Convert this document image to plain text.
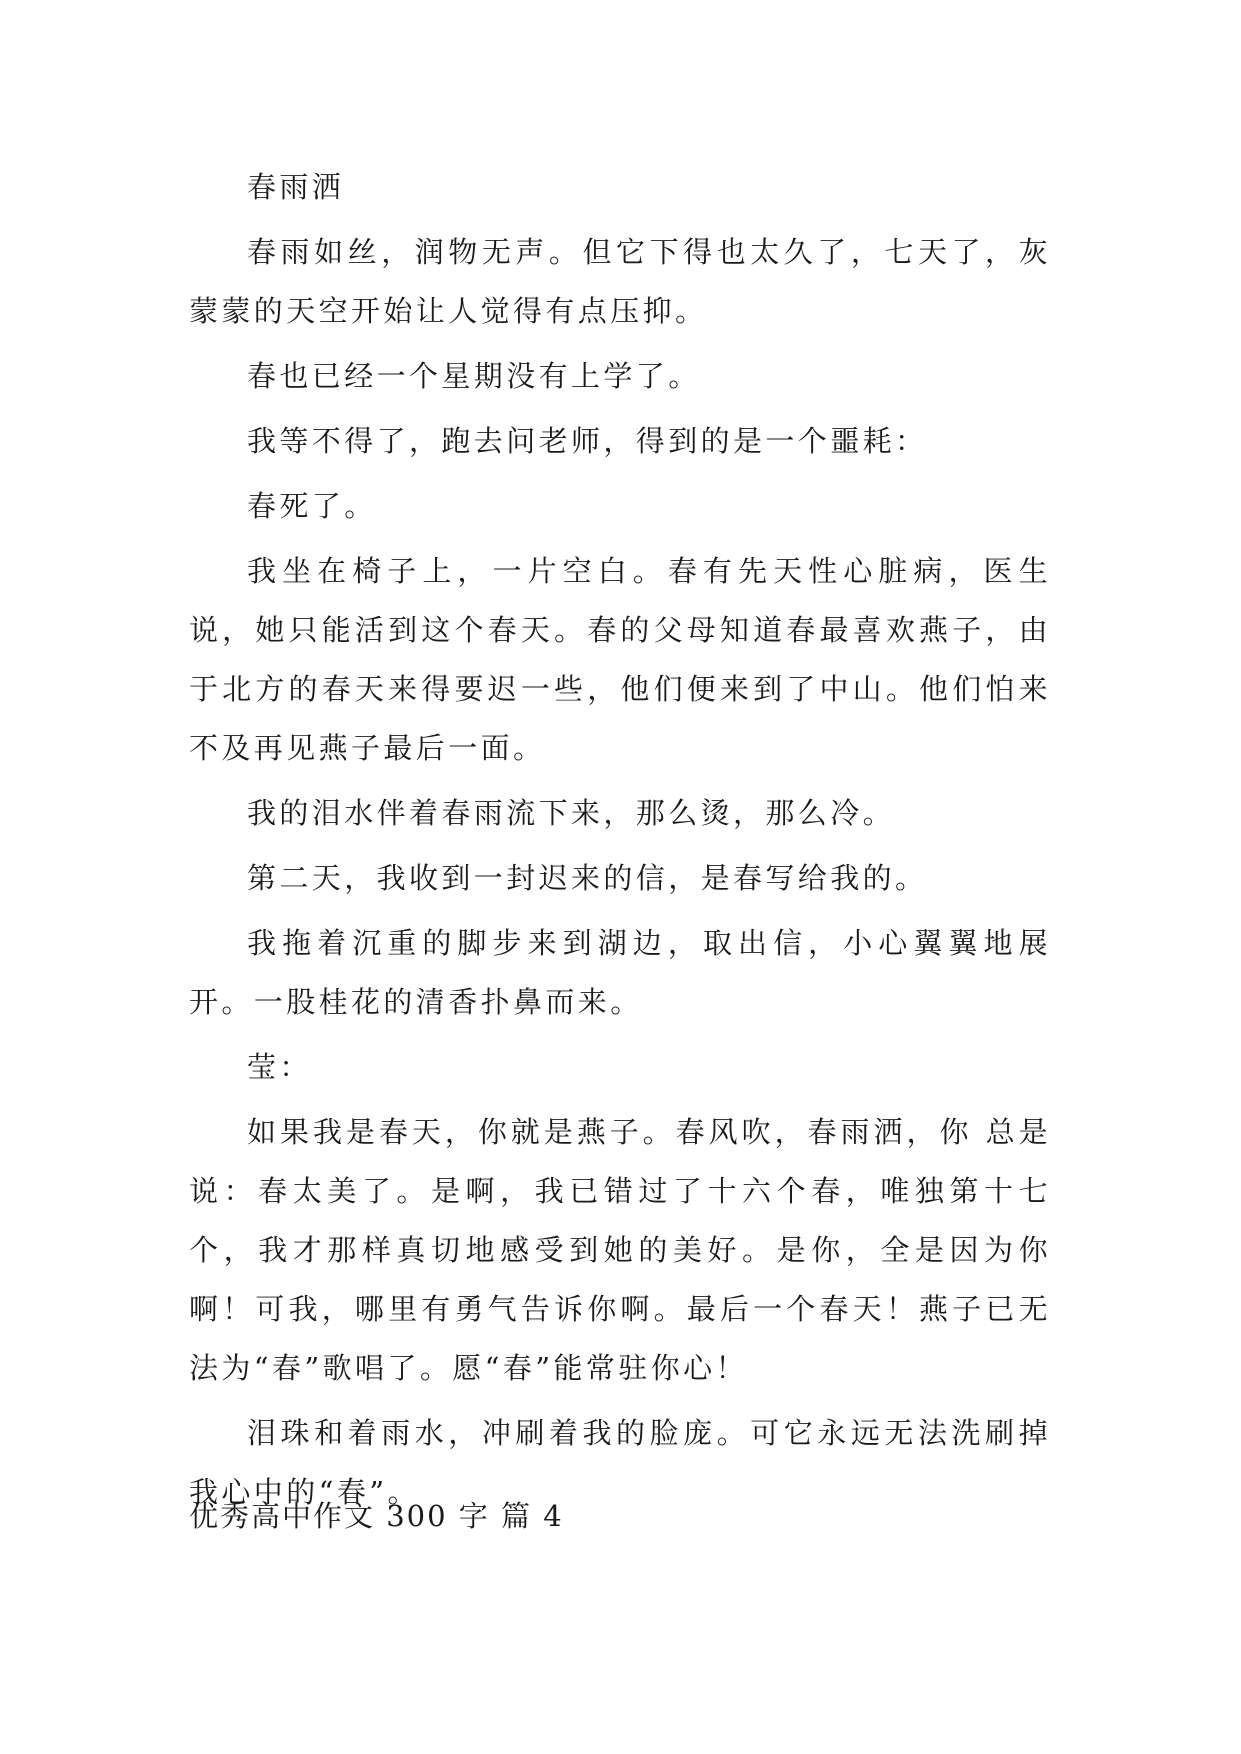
春雨洒

春雨如丝，润物无声。但它下得也太久了，七天了，灰蒙蒙的天空开始让人觉得有点压抑。

春也已经一个星期没有上学了。

我等不得了，跑去问老师，得到的是一个噩耗：

春死了。

我坐在椅子上，一片空白。春有先天性心脏病，医生说，她只能活到这个春天。春的父母知道春最喜欢燕子，由于北方的春天来得要迟一些，他们便来到了中山。他们怕来不及再见燕子最后一面。

我的泪水伴着春雨流下来，那么烫，那么冷。

第二天，我收到一封迟来的信，是春写给我的。

我拖着沉重的脚步来到湖边，取出信，小心翼翼地展开。一股桂花的清香扑鼻而来。

莹：

如果我是春天，你就是燕子。春风吹，春雨洒，你 总是说：春太美了。是啊，我已错过了十六个春，唯独第十七个，我才那样真切地感受到她的美好。是你，全是因为你啊！可我，哪里有勇气告诉你啊。最后一个春天！燕子已无法为“春”歌唱了。愿“春”能常驻你心！

泪珠和着雨水，冲刷着我的脸庞。可它永远无法洗刷掉我心中的“春”。

优秀高中作文 300 字 篇 4
